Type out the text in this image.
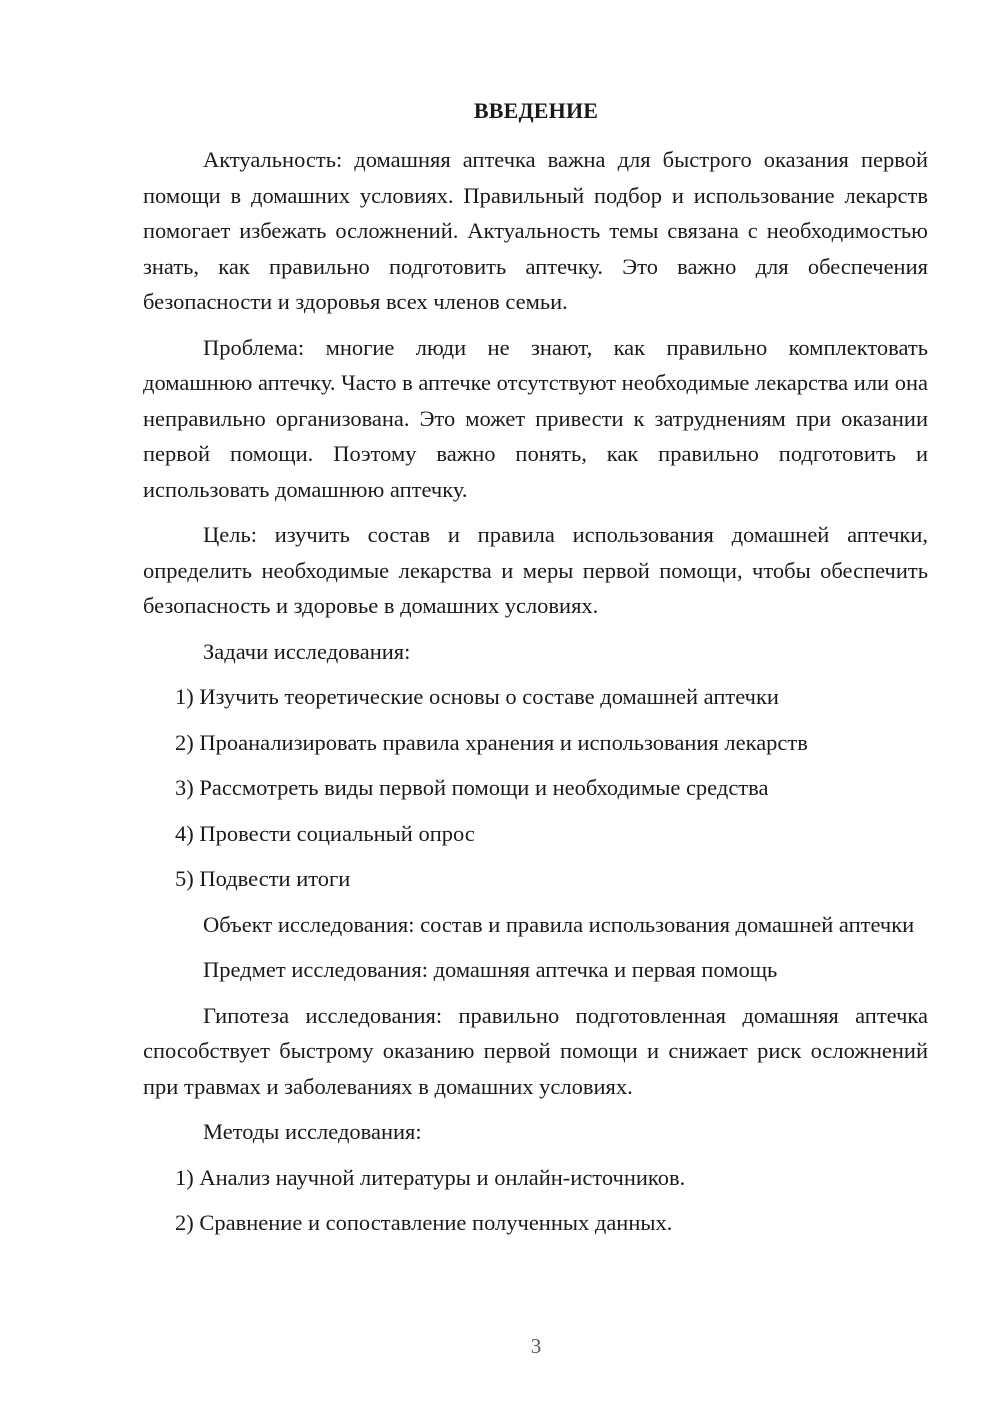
ВВЕДЕНИЕ

Актуальность: домашняя аптечка важна для быстрого оказания первой помощи в домашних условиях. Правильный подбор и использование лекарств помогает избежать осложнений. Актуальность темы связана с необходимостью знать, как правильно подготовить аптечку. Это важно для обеспечения безопасности и здоровья всех членов семьи.

Проблема: многие люди не знают, как правильно комплектовать домашнюю аптечку. Часто в аптечке отсутствуют необходимые лекарства или она неправильно организована. Это может привести к затруднениям при оказании первой помощи. Поэтому важно понять, как правильно подготовить и использовать домашнюю аптечку.

Цель: изучить состав и правила использования домашней аптечки, определить необходимые лекарства и меры первой помощи, чтобы обеспечить безопасность и здоровье в домашних условиях.

Задачи исследования:

1) Изучить теоретические основы о составе домашней аптечки

2) Проанализировать правила хранения и использования лекарств

3) Рассмотреть виды первой помощи и необходимые средства

4) Провести социальный опрос

5) Подвести итоги

Объект исследования: состав и правила использования домашней аптечки

Предмет исследования: домашняя аптечка и первая помощь

Гипотеза исследования: правильно подготовленная домашняя аптечка способствует быстрому оказанию первой помощи и снижает риск осложнений при травмах и заболеваниях в домашних условиях.

Методы исследования:

1) Анализ научной литературы и онлайн-источников.

2) Сравнение и сопоставление полученных данных.

3
